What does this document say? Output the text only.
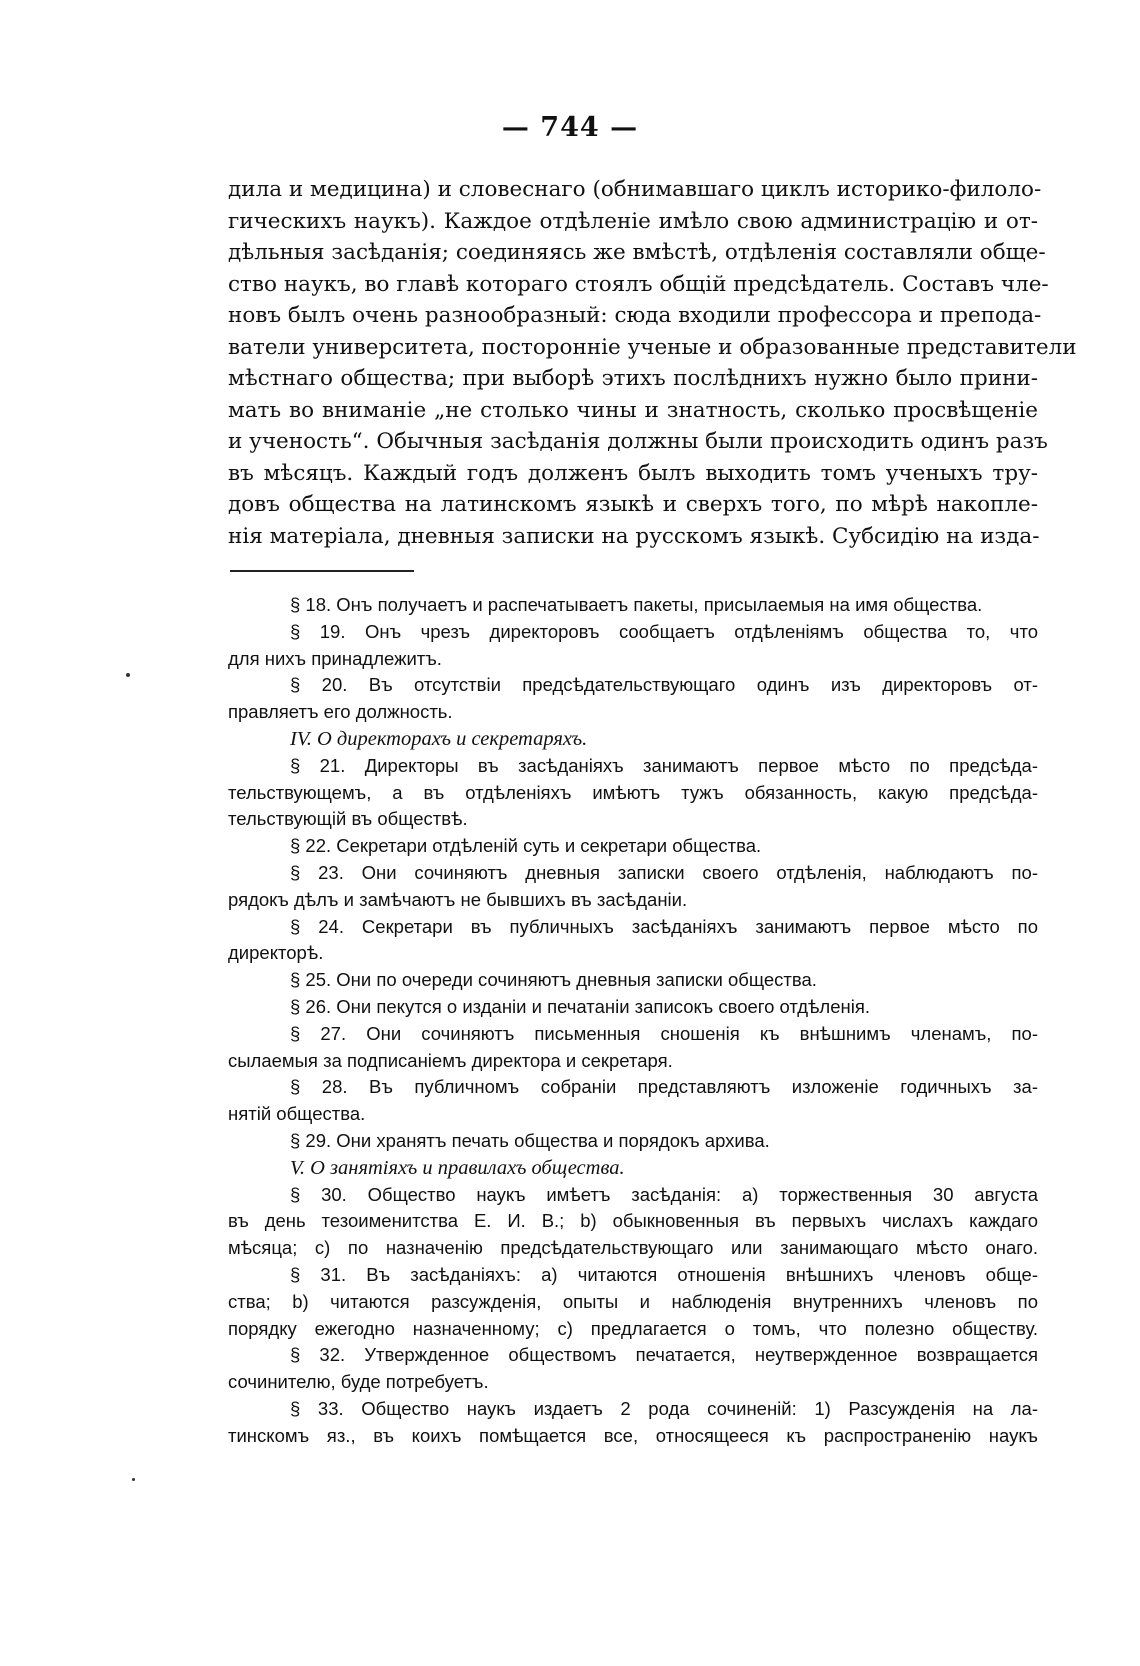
— 744 —
дила и медицина) и словеснаго (обнимавшаго циклъ историко-филоло-
гическихъ наукъ). Каждое отдѣленіе имѣло свою администрацію и от-
дѣльныя засѣданія; соединяясь же вмѣстѣ, отдѣленія составляли обще-
ство наукъ, во главѣ котораго стоялъ общій предсѣдатель. Составъ чле-
новъ былъ очень разнообразный: сюда входили профессора и препода-
ватели университета, посторонніе ученые и образованные представители
мѣстнаго общества; при выборѣ этихъ послѣднихъ нужно было прини-
мать во вниманіе „не столько чины и знатность, сколько просвѣщеніе
и ученость“. Обычныя засѣданія должны были происходить одинъ разъ
въ мѣсяцъ. Каждый годъ долженъ былъ выходить томъ ученыхъ тру-
довъ общества на латинскомъ языкѣ и сверхъ того, по мѣрѣ накопле-
нія матеріала, дневныя записки на русскомъ языкѣ. Субсидію на изда-
§ 18. Онъ получаетъ и распечатываетъ пакеты, присылаемыя на имя общества.
§ 19. Онъ чрезъ директоровъ сообщаетъ отдѣленіямъ общества то, что
для нихъ принадлежитъ.
§ 20. Въ отсутствіи предсѣдательствующаго одинъ изъ директоровъ от-
правляетъ его должность.
IV. О директорахъ и секретаряхъ.
§ 21. Директоры въ засѣданіяхъ занимаютъ первое мѣсто по предсѣда-
тельствующемъ, а въ отдѣленіяхъ имѣютъ тужъ обязанность, какую предсѣда-
тельствующій въ обществѣ.
§ 22. Секретари отдѣленій суть и секретари общества.
§ 23. Они сочиняютъ дневныя записки своего отдѣленія, наблюдаютъ по-
рядокъ дѣлъ и замѣчаютъ не бывшихъ въ засѣданіи.
§ 24. Секретари въ публичныхъ засѣданіяхъ занимаютъ первое мѣсто по
директорѣ.
§ 25. Они по очереди сочиняютъ дневныя записки общества.
§ 26. Они пекутся о изданіи и печатаніи записокъ своего отдѣленія.
§ 27. Они сочиняютъ письменныя сношенія къ внѣшнимъ членамъ, по-
сылаемыя за подписаніемъ директора и секретаря.
§ 28. Въ публичномъ собраніи представляютъ изложеніе годичныхъ за-
нятій общества.
§ 29. Они хранятъ печать общества и порядокъ архива.
V. О занятіяхъ и правилахъ общества.
§ 30. Общество наукъ имѣетъ засѣданія: a) торжественныя 30 августа
въ день тезоименитства Е. И. В.; b) обыкновенныя въ первыхъ числахъ каждаго
мѣсяца; c) по назначенію предсѣдательствующаго или занимающаго мѣсто онаго.
§ 31. Въ засѣданіяхъ: a) читаются отношенія внѣшнихъ членовъ обще-
ства; b) читаются разсужденія, опыты и наблюденія внутреннихъ членовъ по
порядку ежегодно назначенному; c) предлагается о томъ, что полезно обществу.
§ 32. Утвержденное обществомъ печатается, неутвержденное возвращается
сочинителю, буде потребуетъ.
§ 33. Общество наукъ издаетъ 2 рода сочиненій: 1) Разсужденія на ла-
тинскомъ яз., въ коихъ помѣщается все, относящееся къ распространенію наукъ
